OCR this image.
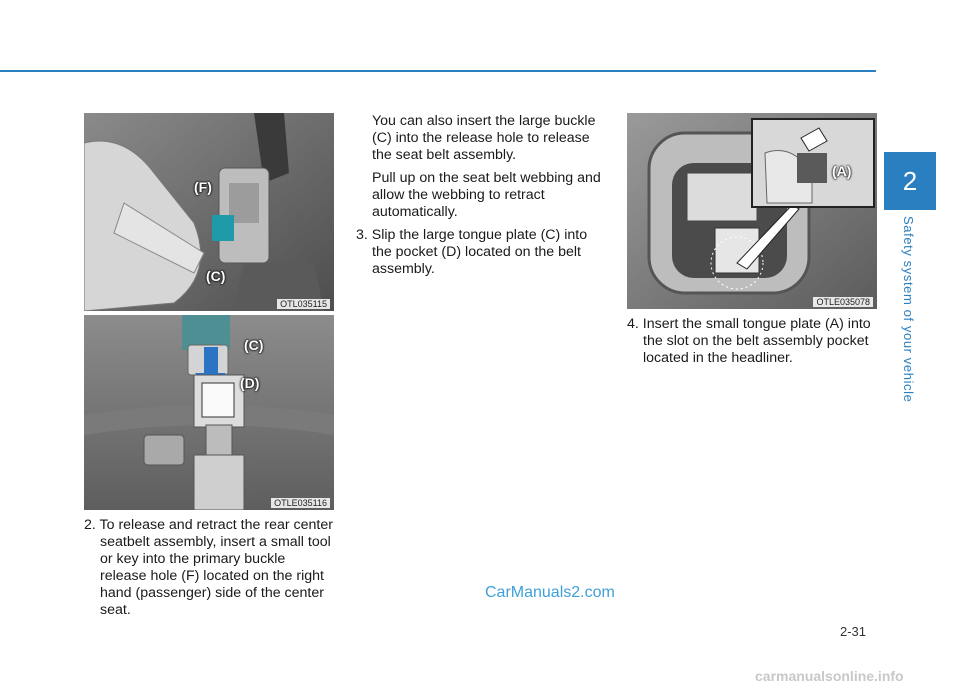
2
Safety system of your vehicle
(F)
(C)
OTL035115
(C)
(D)
OTLE035116
(A)
OTLE035078

2. To release and retract the rear center seatbelt assembly, insert a small tool or key into the primary buckle release hole (F) located on the right hand (passenger) side of the center seat.

You can also insert the large buckle (C) into the release hole to release the seat belt assembly.

Pull up on the seat belt webbing and allow the webbing to retract automatically.

3. Slip the large tongue plate (C) into the pocket (D) located on the belt assembly.

4. Insert the small tongue plate (A) into the slot on the belt assembly pocket located in the headliner.

CarManuals2.com
2-31
carmanualsonline.info
